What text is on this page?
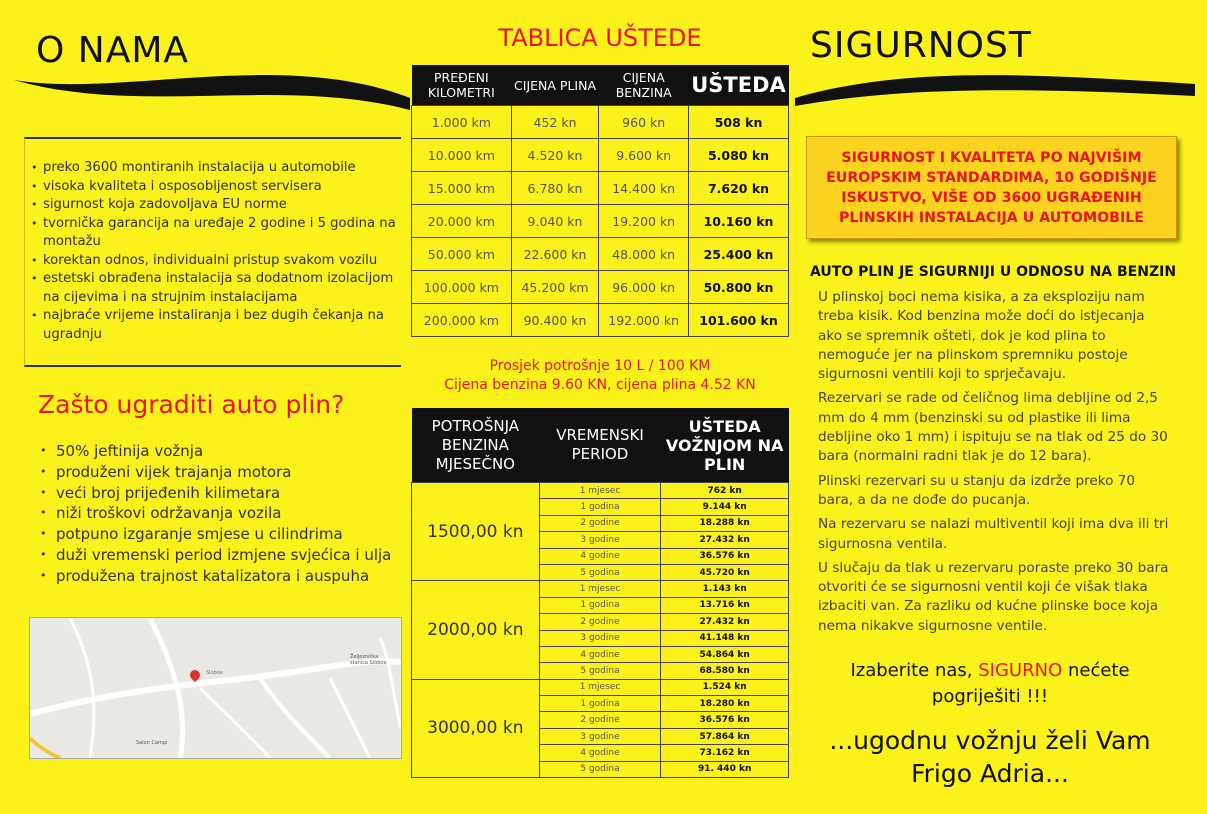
O NAMA
• preko 3600 montiranih instalacija u automobile
• visoka kvaliteta i osposobljenost servisera
• sigurnost koja zadovoljava EU norme
• tvornička garancija na uređaje 2 godine i 5 godina na montažu
• korektan odnos, individualni pristup svakom vozilu
• estetski obrađena instalacija sa dodatnom izolacijom na cijevima i na strujnim instalacijama
• najbraće vrijeme instaliranja i bez dugih čekanja na ugradnju
Zašto ugraditi auto plin?
• 50% jeftinija vožnja
• produženi vijek trajanja motora
• veći broj prijeđenih kilimetara
• niži troškovi održavanja vozila
• potpuno izgaranje smjese u cilindrima
• duži vremenski period izmjene svjećica i ulja
• produžena trajnost katalizatora i auspuha
Željeznička stanica Sloboe
Sloboe
Salon Campi
TABLICA UŠTEDE
PREĐENI KILOMETRI	CIJENA PLINA	CIJENA BENZINA	UŠTEDA
1.000 km	452 kn	960 kn	508 kn
10.000 km	4.520 kn	9.600 kn	5.080 kn
15.000 km	6.780 kn	14.400 kn	7.620 kn
20.000 km	9.040 kn	19.200 kn	10.160 kn
50.000 km	22.600 kn	48.000 kn	25.400 kn
100.000 km	45.200 km	96.000 kn	50.800 kn
200.000 km	90.400 kn	192.000 kn	101.600 kn
Prosjek potrošnje 10 L / 100 KM
Cijena benzina 9.60 KN, cijena plina 4.52 KN
POTROŠNJA BENZINA MJESEČNO	VREMENSKI PERIOD	UŠTEDA VOŽNJOM NA PLIN
1500,00 kn	1 mjesec	762 kn
	1 godina	9.144 kn
	2 godine	18.288 kn
	3 godine	27.432 kn
	4 godine	36.576 kn
	5 godina	45.720 kn
2000,00 kn	1 mjesec	1.143 kn
	1 godina	13.716 kn
	2 godine	27.432 kn
	3 godine	41.148 kn
	4 godine	54.864 kn
	5 godina	68.580 kn
3000,00 kn	1 mjesec	1.524 kn
	1 godina	18.280 kn
	2 godine	36.576 kn
	3 godine	57.864 kn
	4 godine	73.162 kn
	5 godina	91. 440 kn
SIGURNOST
SIGURNOST I KVALITETA PO NAJVIŠIM EUROPSKIM STANDARDIMA, 10 GODIŠNJE ISKUSTVO, VIŠE OD 3600 UGRAĐENIH PLINSKIH INSTALACIJA U AUTOMOBILE
AUTO PLIN JE SIGURNIJI U ODNOSU NA BENZIN
U plinskoj boci nema kisika, a za eksploziju nam treba kisik. Kod benzina može doći do istjecanja ako se spremnik ošteti, dok je kod plina to nemoguće jer na plinskom spremniku postoje sigurnosni ventili koji to sprječavaju.
Rezervari se rade od čeličnog lima debljine od 2,5 mm do 4 mm (benzinski su od plastike ili lima debljine oko 1 mm) i ispituju se na tlak od 25 do 30 bara (normalni radni tlak je do 12 bara).
Plinski rezervari su u stanju da izdrže preko 70 bara, a da ne dođe do pucanja.
Na rezervaru se nalazi multiventil koji ima dva ili tri sigurnosna ventila.
U slučaju da tlak u rezervaru poraste preko 30 bara otvoriti će se sigurnosni ventil koji će višak tlaka izbaciti van. Za razliku od kućne plinske boce koja nema nikakve sigurnosne ventile.
Izaberite nas, SIGURNO nećete
pogriješiti !!!
...ugodnu vožnju želi Vam
Frigo Adria...
